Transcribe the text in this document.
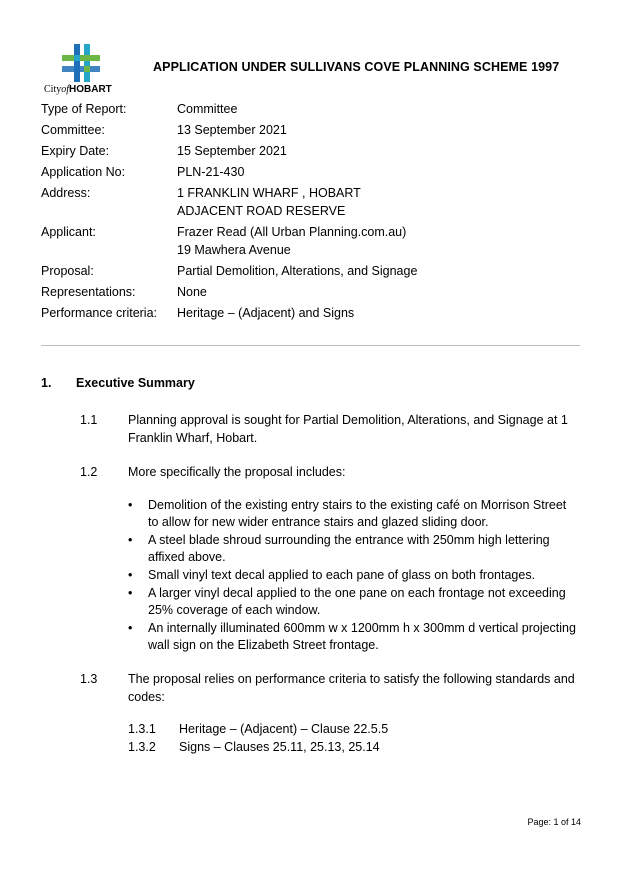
CityofHOBART
APPLICATION UNDER SULLIVANS COVE PLANNING SCHEME 1997
Type of Report:	Committee
Committee:	13 September 2021
Expiry Date:	15 September 2021
Application No:	PLN-21-430
Address:	1 FRANKLIN WHARF , HOBART
ADJACENT ROAD RESERVE
Applicant:	Frazer Read (All Urban Planning.com.au)
19 Mawhera Avenue
Proposal:	Partial Demolition, Alterations, and Signage
Representations:	None
Performance criteria:	Heritage – (Adjacent) and Signs
1. Executive Summary
1.1	Planning approval is sought for Partial Demolition, Alterations, and Signage at 1 Franklin Wharf, Hobart.
1.2	More specifically the proposal includes:
• Demolition of the existing entry stairs to the existing café on Morrison Street to allow for new wider entrance stairs and glazed sliding door.
• A steel blade shroud surrounding the entrance with 250mm high lettering affixed above.
• Small vinyl text decal applied to each pane of glass on both frontages.
• A larger vinyl decal applied to the one pane on each frontage not exceeding 25% coverage of each window.
• An internally illuminated 600mm w x 1200mm h x 300mm d vertical projecting wall sign on the Elizabeth Street frontage.
1.3	The proposal relies on performance criteria to satisfy the following standards and codes:
1.3.1	Heritage – (Adjacent) – Clause 22.5.5
1.3.2	Signs – Clauses 25.11, 25.13, 25.14
Page: 1 of 14
